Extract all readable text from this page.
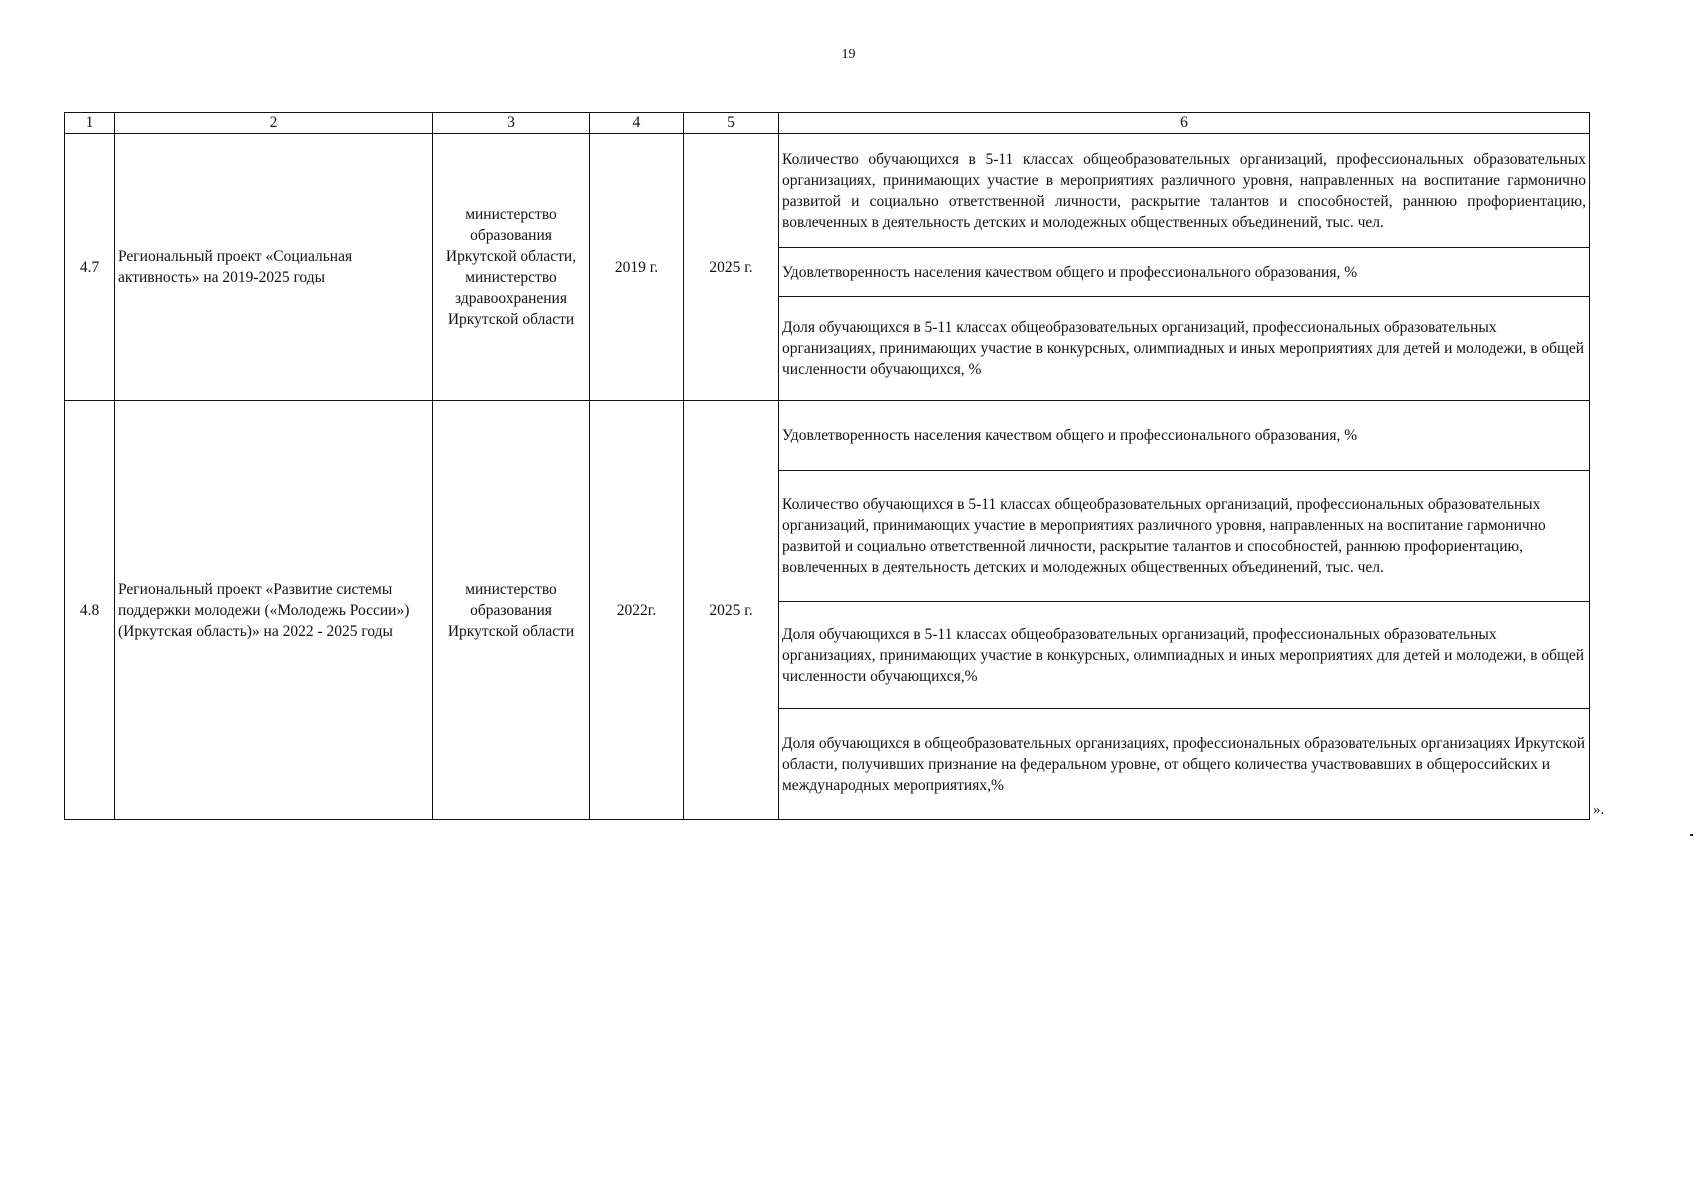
19
1	2	3	4	5	6
4.7	Региональный проект «Социальная активность» на 2019-2025 годы	министерство образования Иркутской области, министерство здравоохранения Иркутской области	2019 г.	2025 г.	Количество обучающихся в 5-11 классах общеобразовательных организаций, профессиональных образовательных организациях, принимающих участие в мероприятиях различного уровня, направленных на воспитание гармонично развитой и социально ответственной личности, раскрытие талантов и способностей, раннюю профориентацию, вовлеченных в деятельность детских и молодежных общественных объединений, тыс. чел.
					Удовлетворенность населения качеством общего и профессионального образования, %
					Доля обучающихся в 5-11 классах общеобразовательных организаций, профессиональных образовательных организациях, принимающих участие в конкурсных, олимпиадных и иных мероприятиях для детей и молодежи, в общей численности обучающихся, %
4.8	Региональный проект «Развитие системы поддержки молодежи («Молодежь России») (Иркутская область)» на 2022 - 2025 годы	министерство образования Иркутской области	2022г.	2025 г.	Удовлетворенность населения качеством общего и профессионального образования, %
					Количество обучающихся в 5-11 классах общеобразовательных организаций, профессиональных образовательных организаций, принимающих участие в мероприятиях различного уровня, направленных на воспитание гармонично развитой и социально ответственной личности, раскрытие талантов и способностей, раннюю профориентацию, вовлеченных в деятельность детских и молодежных общественных объединений, тыс. чел.
					Доля обучающихся в 5-11 классах общеобразовательных организаций, профессиональных образовательных организациях, принимающих участие в конкурсных, олимпиадных и иных мероприятиях для детей и молодежи, в общей численности обучающихся,%
					Доля обучающихся в общеобразовательных организациях, профессиональных образовательных организациях Иркутской области, получивших признание на федеральном уровне, от общего количества участвовавших в общероссийских и международных мероприятиях,%
».
